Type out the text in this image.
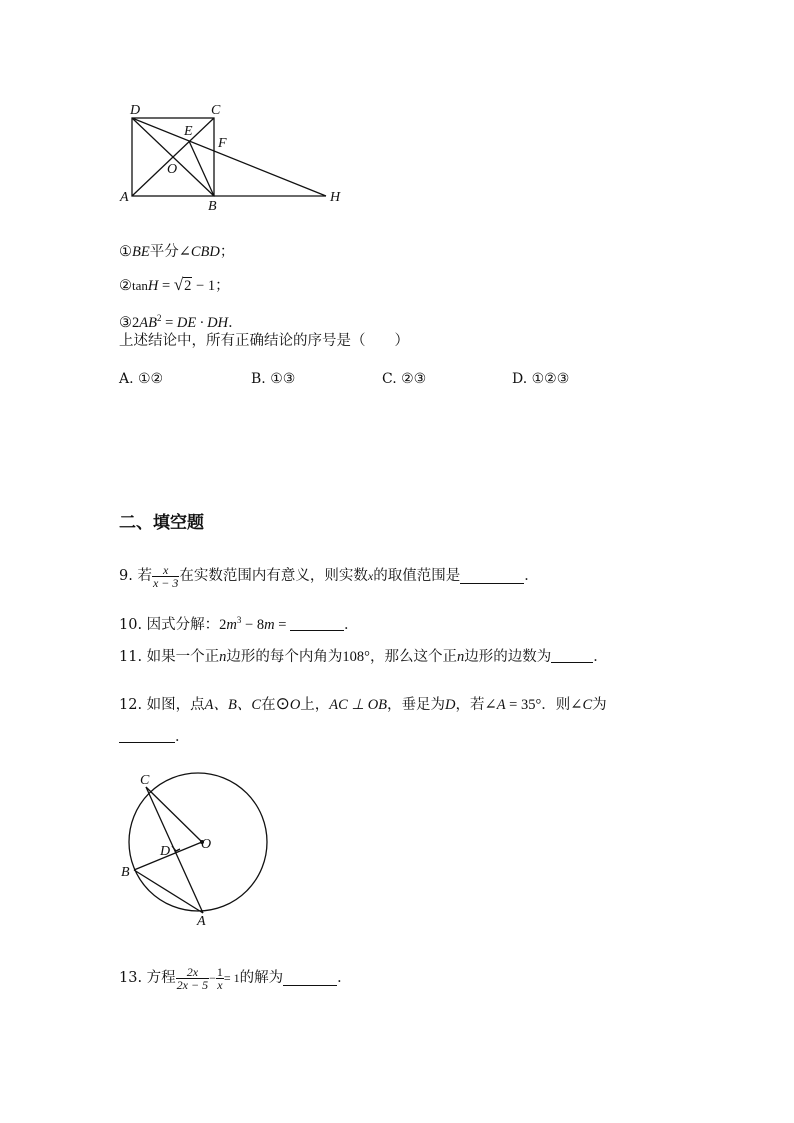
D	C
E
F
O
A
B
H
①BE平分∠CBD；
②tanH = √2 − 1；
$③2AB^2$ = DE · DH．
上述结论中，所有正确结论的序号是（　　）
A. ①②	B. ①③	C. ②③	D. ①②③
二、填空题
9.
若 $\frac{x}{x - 3}$ 在实数范围内有意义，则实数 x 的取值范围是	．
10. 因式分解：$2m^3 - 8m$ =	．
11. 如果一个正n边形的每个内角为108°，那么这个正n边形的边数为	．
12. 如图，点A、B、C在⊙O上，AC ⊥ OB，垂足为D，若∠A = 35°．则∠C为
．
C
O
D
B
A
13.
方程 $\frac{2x}{2x - 5} - \frac{1}{x} = 1$ 的解为	．
